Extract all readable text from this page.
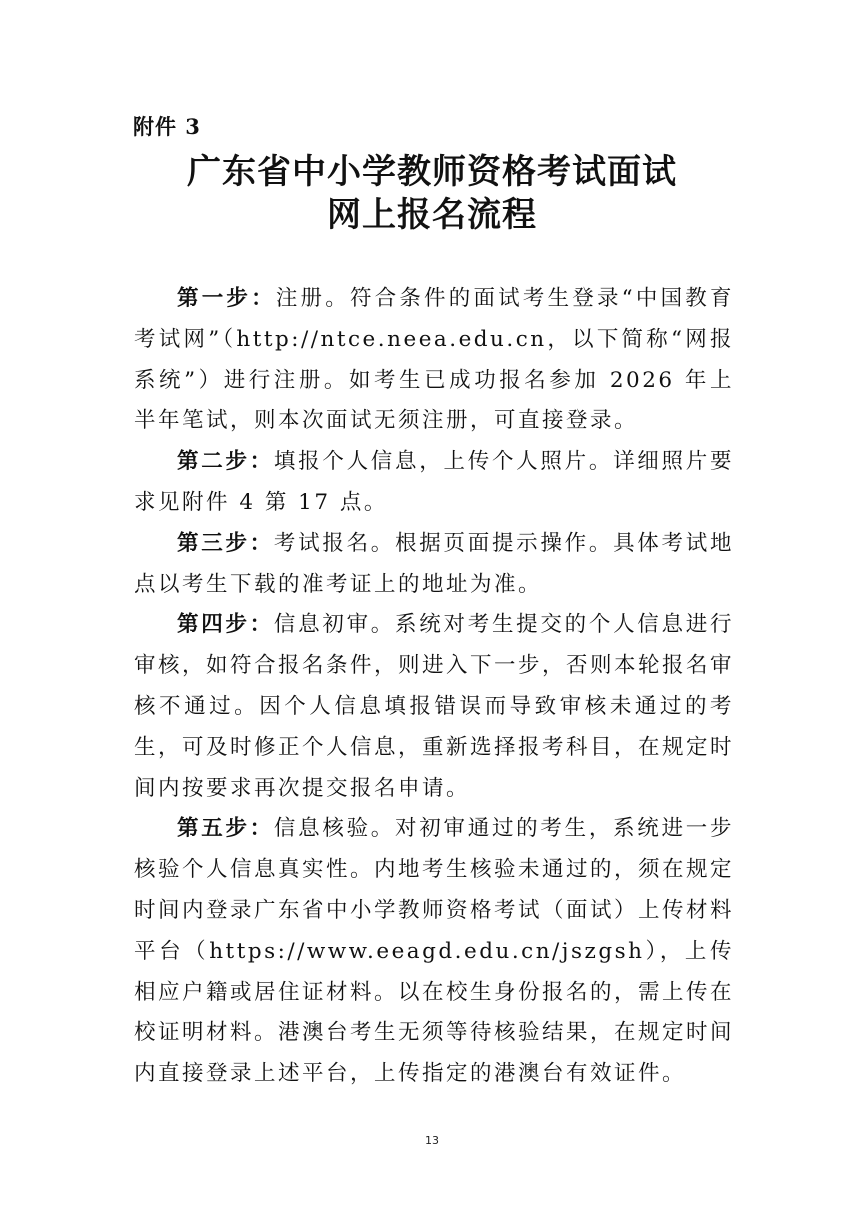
附件 3
广东省中小学教师资格考试面试
网上报名流程

第一步：注册。符合条件的面试考生登录“中国教育考试网”（http://ntce.neea.edu.cn，以下简称“网报系统”）进行注册。如考生已成功报名参加 2026 年上半年笔试，则本次面试无须注册，可直接登录。

第二步：填报个人信息，上传个人照片。详细照片要求见附件 4 第 17 点。

第三步：考试报名。根据页面提示操作。具体考试地点以考生下载的准考证上的地址为准。

第四步：信息初审。系统对考生提交的个人信息进行审核，如符合报名条件，则进入下一步，否则本轮报名审核不通过。因个人信息填报错误而导致审核未通过的考生，可及时修正个人信息，重新选择报考科目，在规定时间内按要求再次提交报名申请。

第五步：信息核验。对初审通过的考生，系统进一步核验个人信息真实性。内地考生核验未通过的，须在规定时间内登录广东省中小学教师资格考试（面试）上传材料平台（https://www.eeagd.edu.cn/jszgsh），上传相应户籍或居住证材料。以在校生身份报名的，需上传在校证明材料。港澳台考生无须等待核验结果，在规定时间内直接登录上述平台，上传指定的港澳台有效证件。

13
